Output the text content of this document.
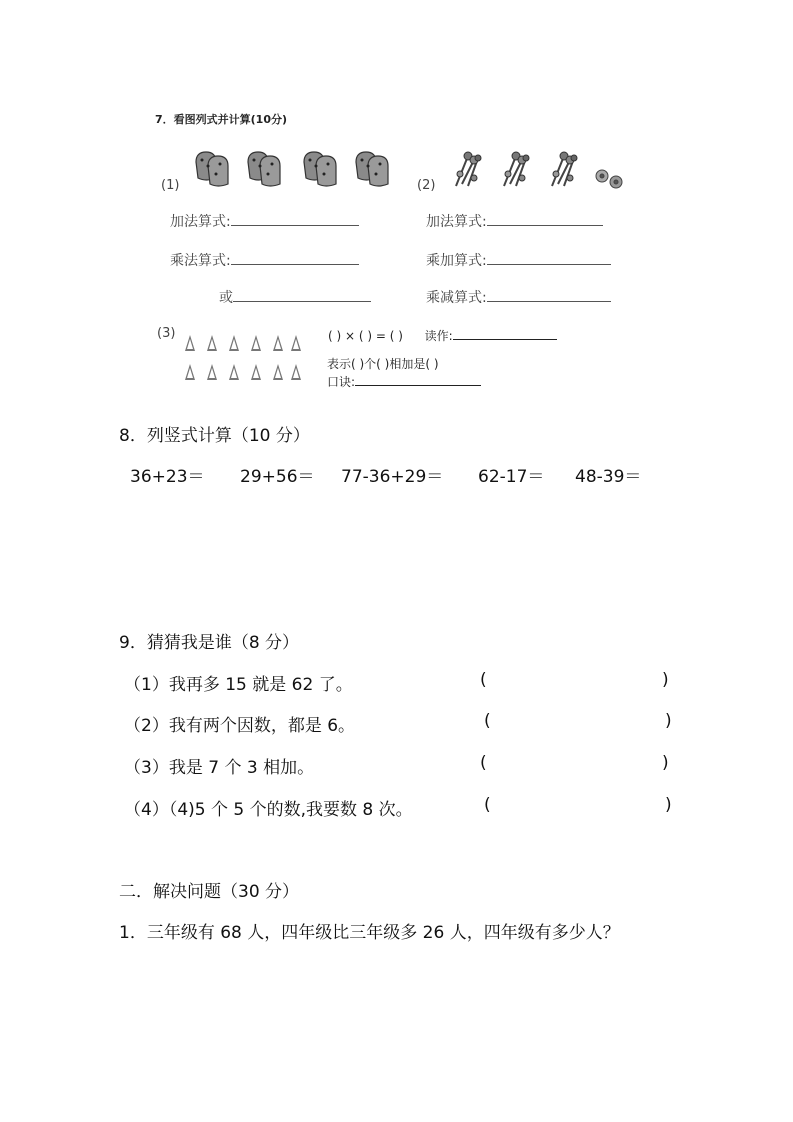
7．看图列式并计算(10分)
(1)
加法算式:
乘法算式:
或
(2)
加法算式:
乘加算式:
乘减算式:
(3)	( ) × ( ) = ( ) 读作:
表示( )个( )相加是( )
口诀:
8．列竖式计算（10 分）
36+23＝ 29+56＝ 77-36+29＝ 62-17＝ 48-39＝
9．猜猜我是谁（8 分）
（1）我再多 15 就是 62 了。	(	)
（2）我有两个因数，都是 6。	(	)
（3）我是 7 个 3 相加。	(	)
（4）（4)5 个 5 个的数,我要数 8 次。	(	)
二．解决问题（30 分）
1．三年级有 68 人，四年级比三年级多 26 人，四年级有多少人？
